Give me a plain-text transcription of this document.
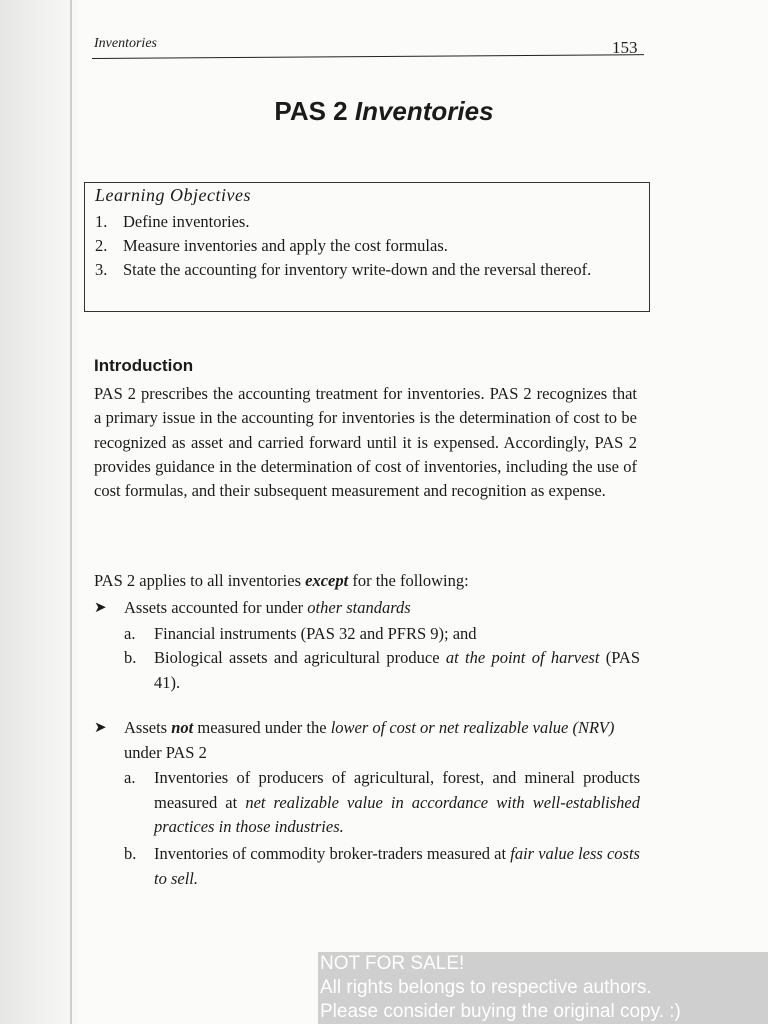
Inventories	153
PAS 2 Inventories
Learning Objectives
1. Define inventories.
2. Measure inventories and apply the cost formulas.
3. State the accounting for inventory write-down and the reversal thereof.
Introduction

PAS 2 prescribes the accounting treatment for inventories. PAS 2 recognizes that a primary issue in the accounting for inventories is the determination of cost to be recognized as asset and carried forward until it is expensed. Accordingly, PAS 2 provides guidance in the determination of cost of inventories, including the use of cost formulas, and their subsequent measurement and recognition as expense.

PAS 2 applies to all inventories except for the following:
➤ Assets accounted for under other standards
a.	Financial instruments (PAS 32 and PFRS 9); and
b.	Biological assets and agricultural produce at the point of harvest (PAS 41).
➤ Assets not measured under the lower of cost or net realizable value (NRV) under PAS 2
a.	Inventories of producers of agricultural, forest, and mineral products measured at net realizable value in accordance with well-established practices in those industries.
b.	Inventories of commodity broker-traders measured at fair value less costs to sell.
NOT FOR SALE!
All rights belongs to respective authors.
Please consider buying the original copy. :)
